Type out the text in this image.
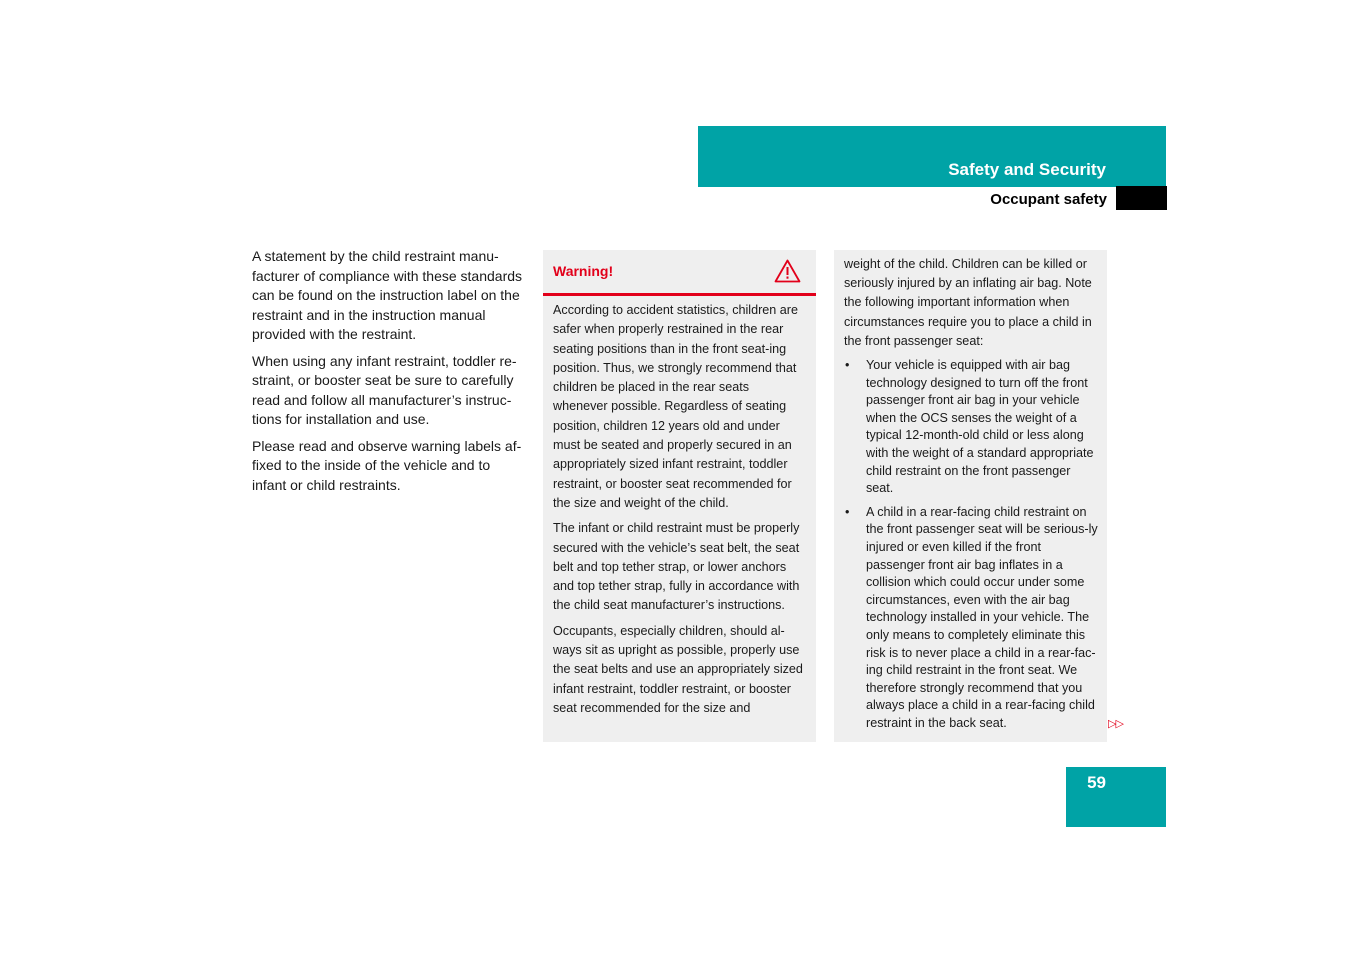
Safety and Security
Occupant safety

A statement by the child restraint manu-facturer of compliance with these standards can be found on the instruction label on the restraint and in the instruction manual provided with the restraint.

When using any infant restraint, toddler re-straint, or booster seat be sure to carefully read and follow all manufacturer’s instruc-tions for installation and use.

Please read and observe warning labels af-fixed to the inside of the vehicle and to infant or child restraints.

Warning!

According to accident statistics, children are safer when properly restrained in the rear seating positions than in the front seat-ing position. Thus, we strongly recommend that children be placed in the rear seats whenever possible. Regardless of seating position, children 12 years old and under must be seated and properly secured in an appropriately sized infant restraint, toddler restraint, or booster seat recommended for the size and weight of the child.

The infant or child restraint must be properly secured with the vehicle’s seat belt, the seat belt and top tether strap, or lower anchors and top tether strap, fully in accordance with the child seat manufacturer’s instructions.

Occupants, especially children, should al-ways sit as upright as possible, properly use the seat belts and use an appropriately sized infant restraint, toddler restraint, or booster seat recommended for the size and

weight of the child. Children can be killed or seriously injured by an inflating air bag. Note the following important information when circumstances require you to place a child in the front passenger seat:

• Your vehicle is equipped with air bag technology designed to turn off the front passenger front air bag in your vehicle when the OCS senses the weight of a typical 12-month-old child or less along with the weight of a standard appropriate child restraint on the front passenger seat.
• A child in a rear-facing child restraint on the front passenger seat will be serious-ly injured or even killed if the front passenger front air bag inflates in a collision which could occur under some circumstances, even with the air bag technology installed in your vehicle. The only means to completely eliminate this risk is to never place a child in a rear-fac-ing child restraint in the front seat. We therefore strongly recommend that you always place a child in a rear-facing child restraint in the back seat.	▷▷
59
